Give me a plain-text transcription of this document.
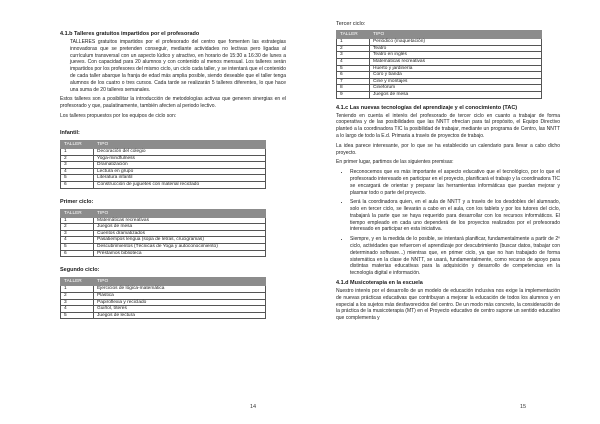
4.1.b Talleres gratuitos impartidos por el profesorado
TALLERES gratuitos impartidos por el profesorado del centro que fomenten las estrategias innovadoras que se pretenden conseguir, mediante actividades no lectivas pero ligadas al currículum transversal con un aspecto lúdico y atractivo, en horario de 15:30 a 16:30 de lunes a jueves. Con capacidad para 20 alumnos y con contenido al menos mensual. Los talleres serán impartidos por los profesores del mismo ciclo, un ciclo cada taller, y se intentará que el contenido de cada taller abarque la franja de edad más amplia posible, siendo deseable que el taller tenga alumnos de los cuatro o tres cursos. Cada tarde se realizarán 5 talleres diferentes, lo que hace una suma de 20 talleres semanales.
Estos talleres son a posibilitar la introducción de metodologías activas que generen sinergias en el profesorado y que, paulatinamente, también afecten al periodo lectivo.
Los talleres propuestos por los equipos de ciclo son:
Infantil:
TALLER	TIPO
1	Decoración del colegio
2	Yoga-mindfulness
3	Dramatización
4	Lectura en grupo
5	Literatura infantil
6	Construcción de juguetes con material reciclado
Primer ciclo:
TALLER	TIPO
1	Matemáticas recreativas
2	Juegos de mesa
3	Cuentos dramatizados
4	Pasatiempos lengua (sopa de letras, crucigramas)
5	Descubrimientos (Técnicas de Yoga y autoconocimiento)
6	Préstamos biblioteca
Segundo ciclo:
TALLER	TIPO
1	Ejercicios de lógica-matemática
2	Plástica
3	Papiroflexia y reciclado
4	Guiñol, títeres
5	Juegos de lectura
14
Tercer ciclo:
TALLER	TIPO
1	Periódico (maquetación)
2	Teatro
3	Teatro en inglés
4	Matemáticas recreativas
5	Huerto y jardinería
6	Coro y banda
7	Cine y montajes
8	Cineforum
9	Juegos de mesa
4.1.c Las nuevas tecnologías del aprendizaje y el conocimiento (TAC)
Teniendo en cuenta el interés del profesorado de tercer ciclo en cuanto a trabajar de forma cooperativa y de las posibilidades que las NNTT ofrecían para tal propósito, el Equipo Directivo planteó a la coordinadora TIC la posibilidad de trabajar, mediante un programa de Centro, las NNTT a lo largo de todo la E.d. Primaria a través de proyectos de trabajo.
La idea parece interesante, por lo que se ha establecido un calendario para llevar a cabo dicho proyecto.
En primer lugar, partimos de las siguientes premisas:
• Reconocemos que es más importante el aspecto educativo que el tecnológico, por lo que el profesorado interesado en participar en el proyecto, planificará el trabajo y la coordinadora TIC se encargará de orientar y preparar las herramientas informáticas que puedan mejorar y plasmar todo o parte del proyecto.
• Será la coordinadora quien, en el aula de NNTT y a través de los desdobles del alumnado, solo en tercer ciclo, se llevarán a cabo en el aula, con los tablets y por los tutores del ciclo, trabajará la parte que se haya requerido para desarrollar con los recursos informáticos. El tiempo empleado en cada uno dependerá de los proyectos realizados por el profesorado interesado en participar en esta iniciativa.
• Siempre, y en la medida de lo posible, se intentará planificar, fundamentalmente a partir de 2º ciclo, actividades que refuercen el aprendizaje por descubrimiento (buscar datos, trabajar con determinado software...) mientras que, en primer ciclo, ya que no han trabajado de forma sistemática en la clase de NNTT, se usará, fundamentalmente, como recurso de apoyo para distintas materias educativas para la adquisición y desarrollo de competencias en la tecnología digital e información.
4.1.d Musicoterapia en la escuela
Nuestro interés por el desarrollo de un modelo de educación inclusiva nos exige la implementación de nuevas prácticas educativas que contribuyan a mejorar la educación de todos los alumnos y en especial a los sujetos más desfavorecidos del centro. De un modo más concreto, la consideración de la práctica de la musicoterapia (MT) en el Proyecto educativo de centro supone un sentido educativo que complementa y
15
